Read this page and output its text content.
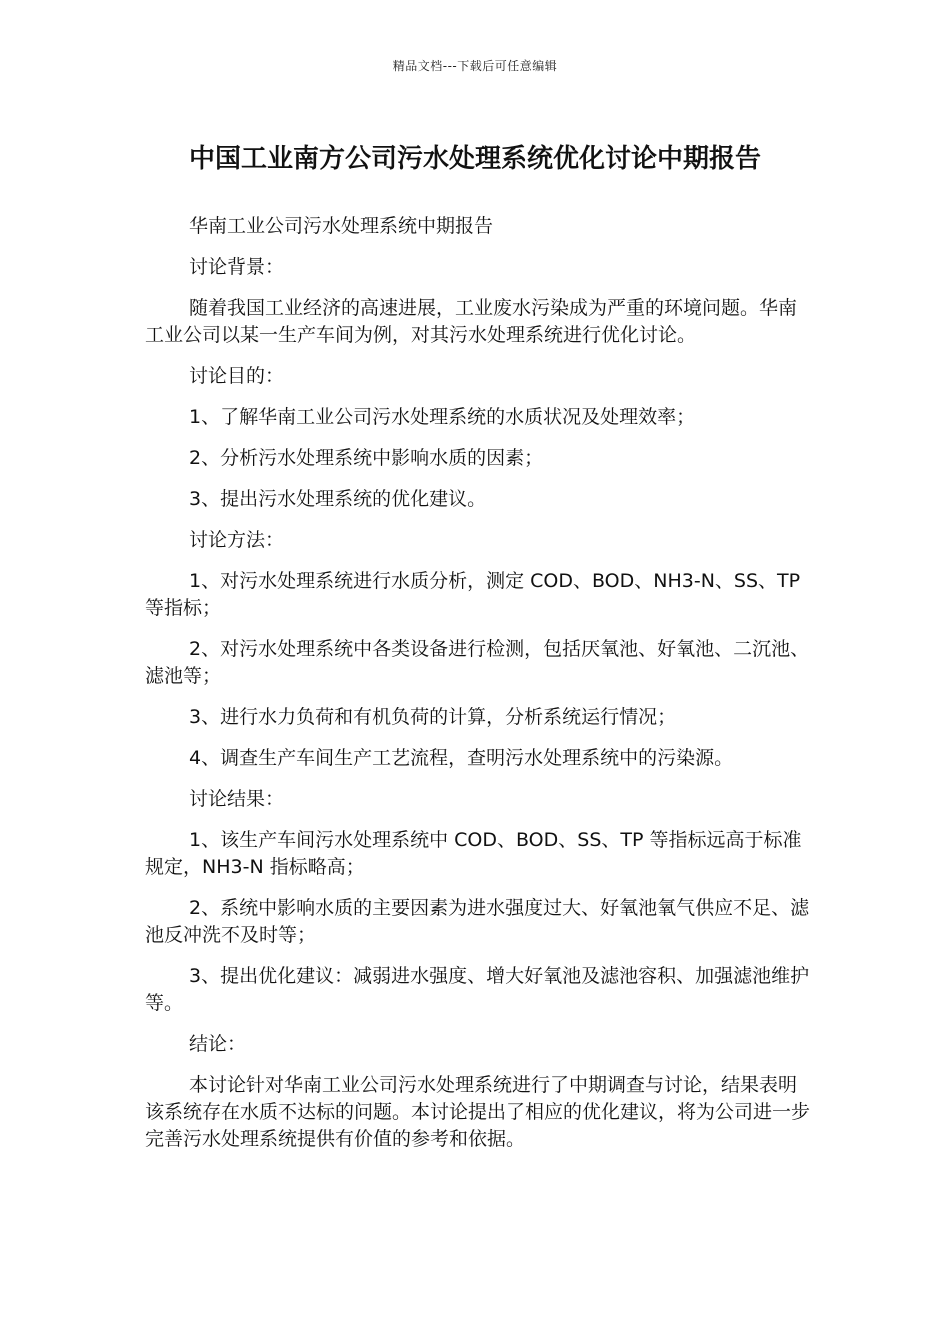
精品文档---下载后可任意编辑
中国工业南方公司污水处理系统优化讨论中期报告

华南工业公司污水处理系统中期报告

讨论背景：

随着我国工业经济的高速进展，工业废水污染成为严重的环境问题。华南工业公司以某一生产车间为例，对其污水处理系统进行优化讨论。

讨论目的：

1、了解华南工业公司污水处理系统的水质状况及处理效率；

2、分析污水处理系统中影响水质的因素；

3、提出污水处理系统的优化建议。

讨论方法：

1、对污水处理系统进行水质分析，测定 COD、BOD、NH3-N、SS、TP 等指标；

2、对污水处理系统中各类设备进行检测，包括厌氧池、好氧池、二沉池、滤池等；

3、进行水力负荷和有机负荷的计算，分析系统运行情况；

4、调查生产车间生产工艺流程，查明污水处理系统中的污染源。

讨论结果：

1、该生产车间污水处理系统中 COD、BOD、SS、TP 等指标远高于标准规定，NH3-N 指标略高；

2、系统中影响水质的主要因素为进水强度过大、好氧池氧气供应不足、滤池反冲洗不及时等；

3、提出优化建议：减弱进水强度、增大好氧池及滤池容积、加强滤池维护等。

结论：

本讨论针对华南工业公司污水处理系统进行了中期调查与讨论，结果表明该系统存在水质不达标的问题。本讨论提出了相应的优化建议，将为公司进一步完善污水处理系统提供有价值的参考和依据。
